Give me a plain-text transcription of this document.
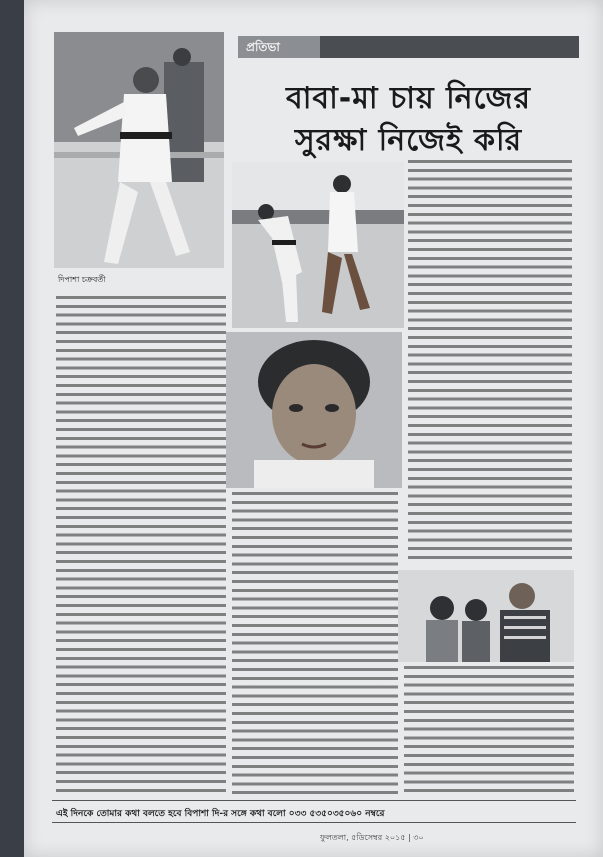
দিপাশা চক্রবর্তী
প্রতিভা
বাবা-মা চায় নিজের
সুরক্ষা নিজেই করি
এই দিনকে তোমার কথা বলতে হবে বিপাশা দি-র সঙ্গে কথা বলো ০৩৩ ৫৩৫০৩৫০৬০ নম্বরে
ফুলতলা, ৫ডিসেম্বর ২০১৫ | ৩০
